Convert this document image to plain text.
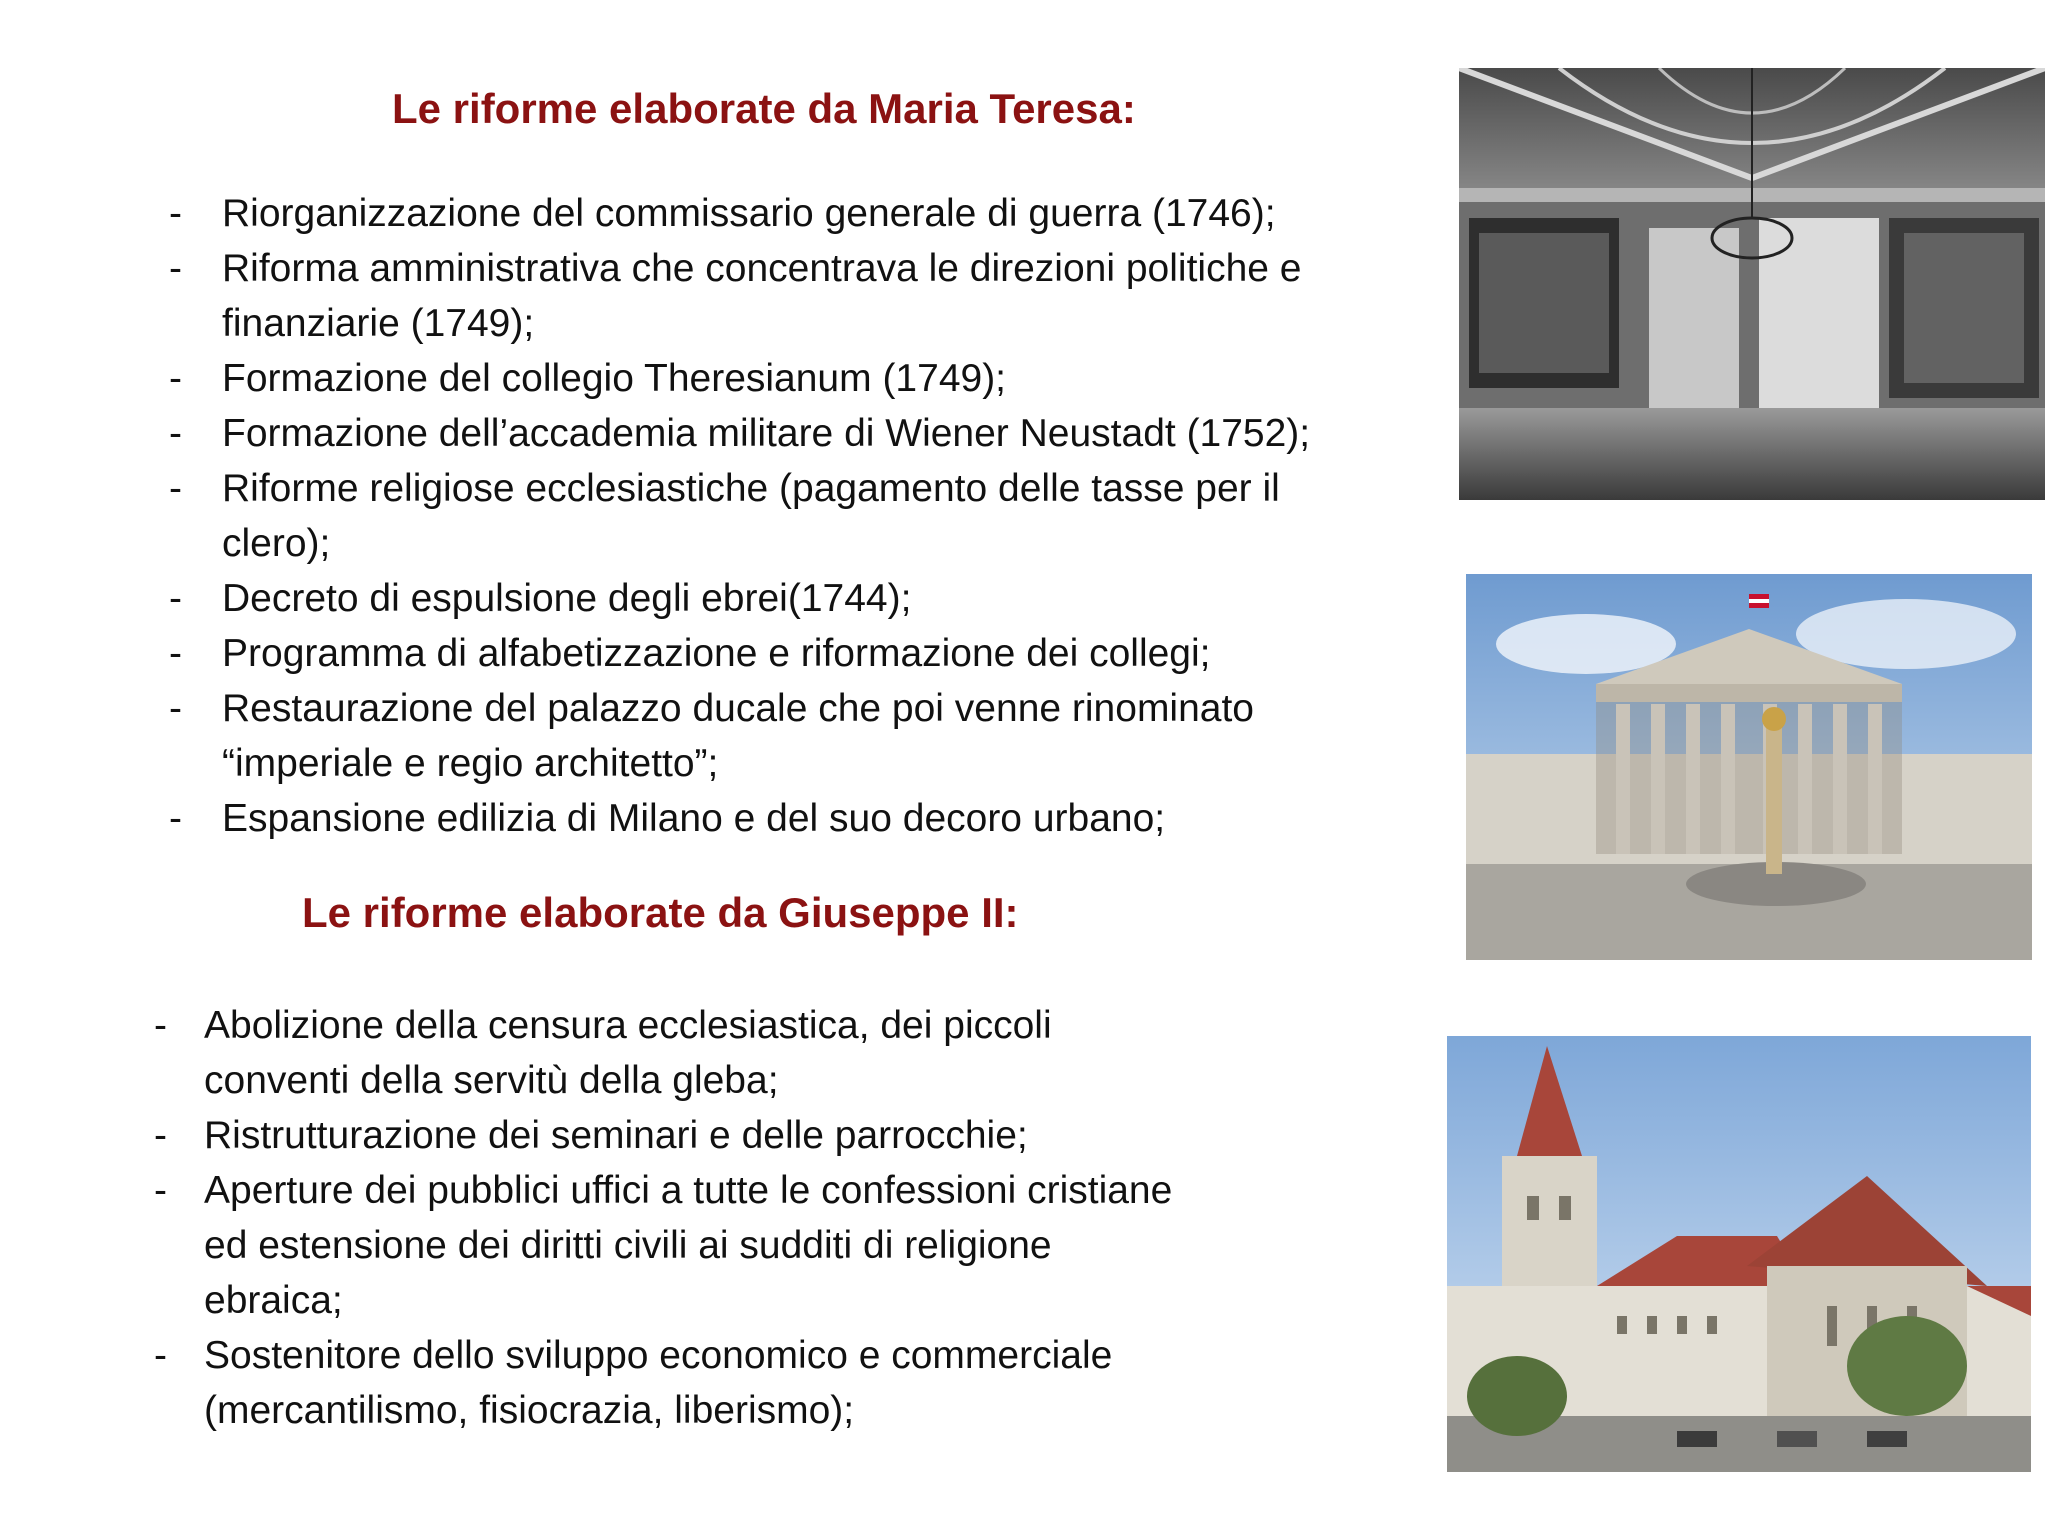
Le riforme elaborate da Maria Teresa:
- Riorganizzazione del commissario generale di guerra (1746);
- Riforma amministrativa che concentrava le direzioni politiche e
finanziarie (1749);
- Formazione del collegio Theresianum (1749);
- Formazione dell’accademia militare di Wiener Neustadt (1752);
- Riforme religiose ecclesiastiche (pagamento delle tasse per il
clero);
- Decreto di espulsione degli ebrei(1744);
- Programma di alfabetizzazione e riformazione dei collegi;
- Restaurazione del palazzo ducale che poi venne rinominato
“imperiale e regio architetto”;
- Espansione edilizia di Milano e del suo decoro urbano;
Le riforme elaborate da Giuseppe II:
- Abolizione della censura ecclesiastica, dei piccoli
conventi della servitù della gleba;
- Ristrutturazione dei seminari e delle parrocchie;
- Aperture dei pubblici uffici a tutte le confessioni cristiane
ed estensione dei diritti civili ai sudditi di religione
ebraica;
- Sostenitore dello sviluppo economico e commerciale
(mercantilismo, fisiocrazia, liberismo);
